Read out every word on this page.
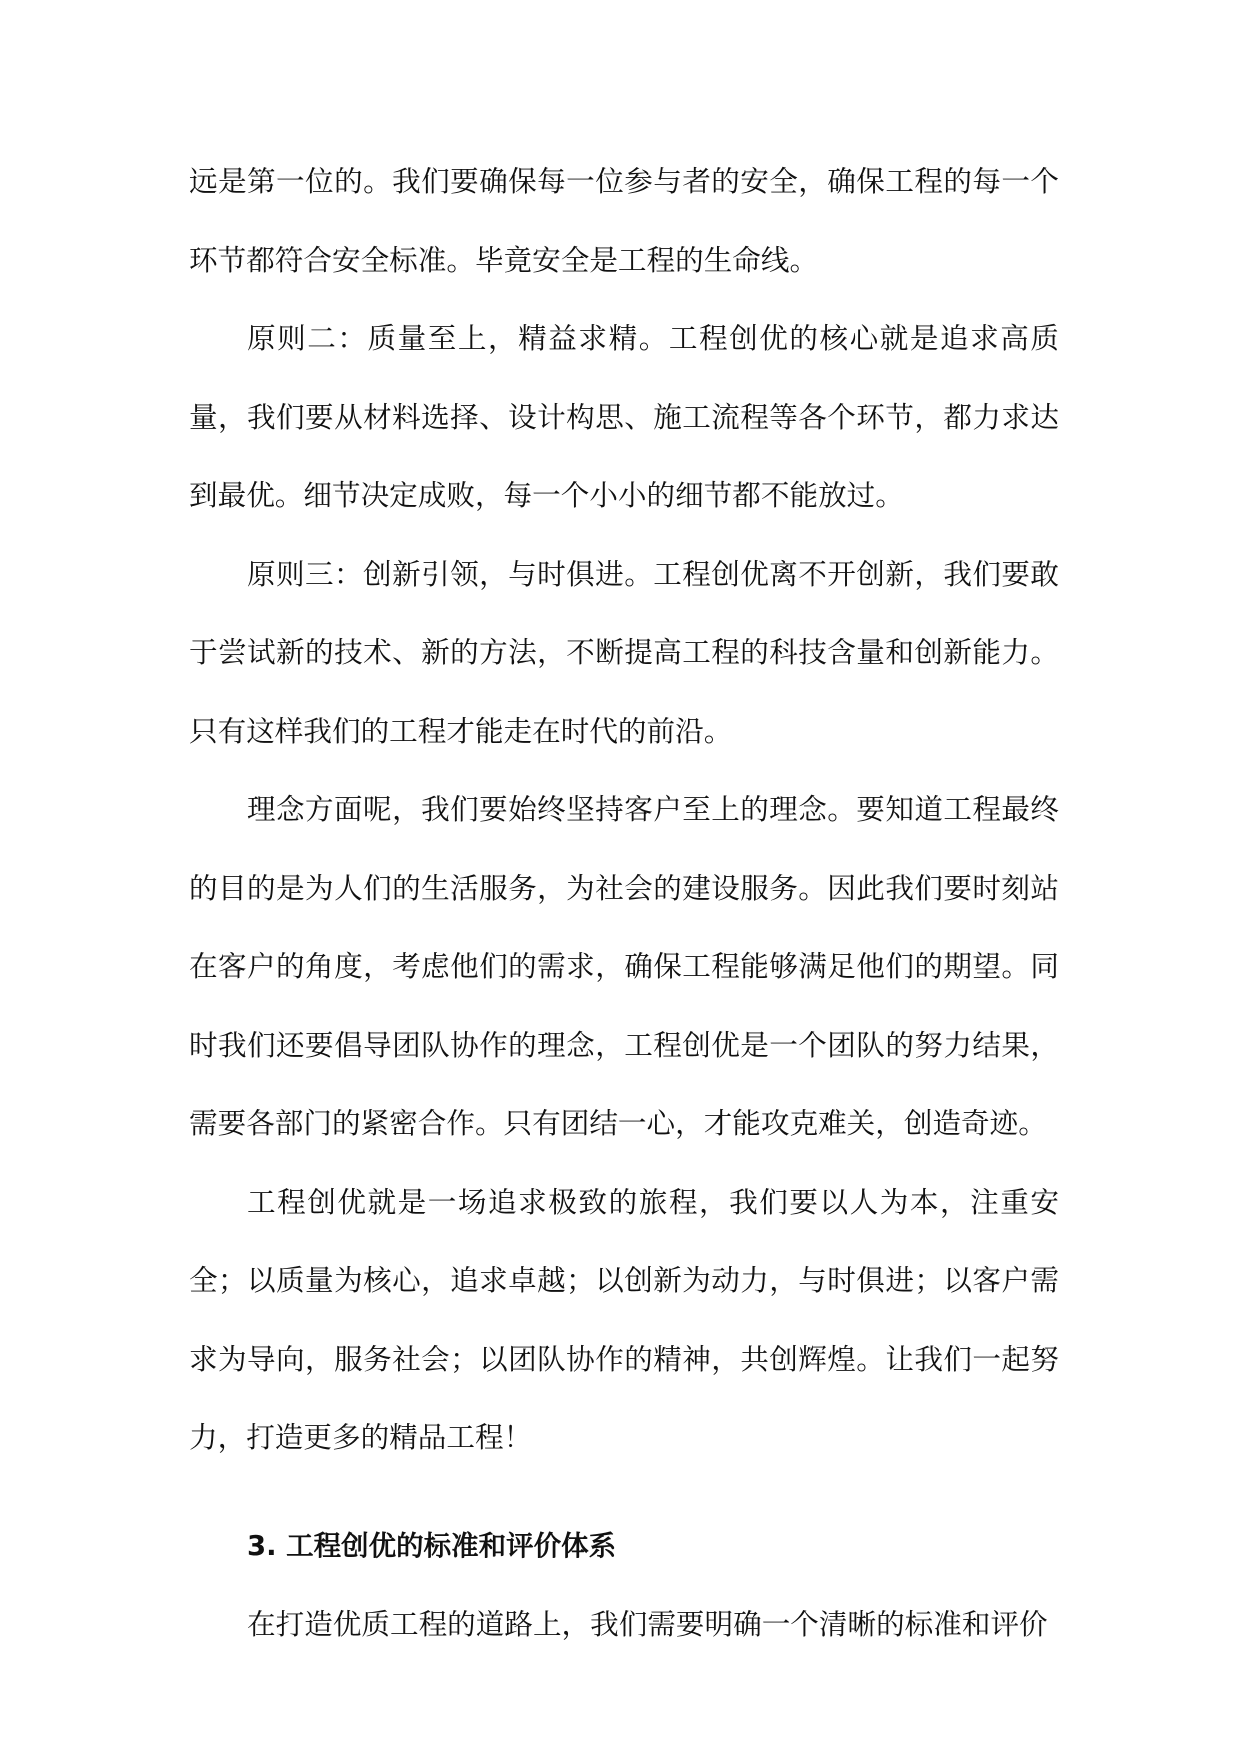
远是第一位的。我们要确保每一位参与者的安全，确保工程的每一个环节都符合安全标准。毕竟安全是工程的生命线。

原则二：质量至上，精益求精。工程创优的核心就是追求高质量，我们要从材料选择、设计构思、施工流程等各个环节，都力求达到最优。细节决定成败，每一个小小的细节都不能放过。

原则三：创新引领，与时俱进。工程创优离不开创新，我们要敢于尝试新的技术、新的方法，不断提高工程的科技含量和创新能力。只有这样我们的工程才能走在时代的前沿。

理念方面呢，我们要始终坚持客户至上的理念。要知道工程最终的目的是为人们的生活服务，为社会的建设服务。因此我们要时刻站在客户的角度，考虑他们的需求，确保工程能够满足他们的期望。同时我们还要倡导团队协作的理念，工程创优是一个团队的努力结果，需要各部门的紧密合作。只有团结一心，才能攻克难关，创造奇迹。

工程创优就是一场追求极致的旅程，我们要以人为本，注重安全；以质量为核心，追求卓越；以创新为动力，与时俱进；以客户需求为导向，服务社会；以团队协作的精神，共创辉煌。让我们一起努力，打造更多的精品工程！

3. 工程创优的标准和评价体系

在打造优质工程的道路上，我们需要明确一个清晰的标准和评价
